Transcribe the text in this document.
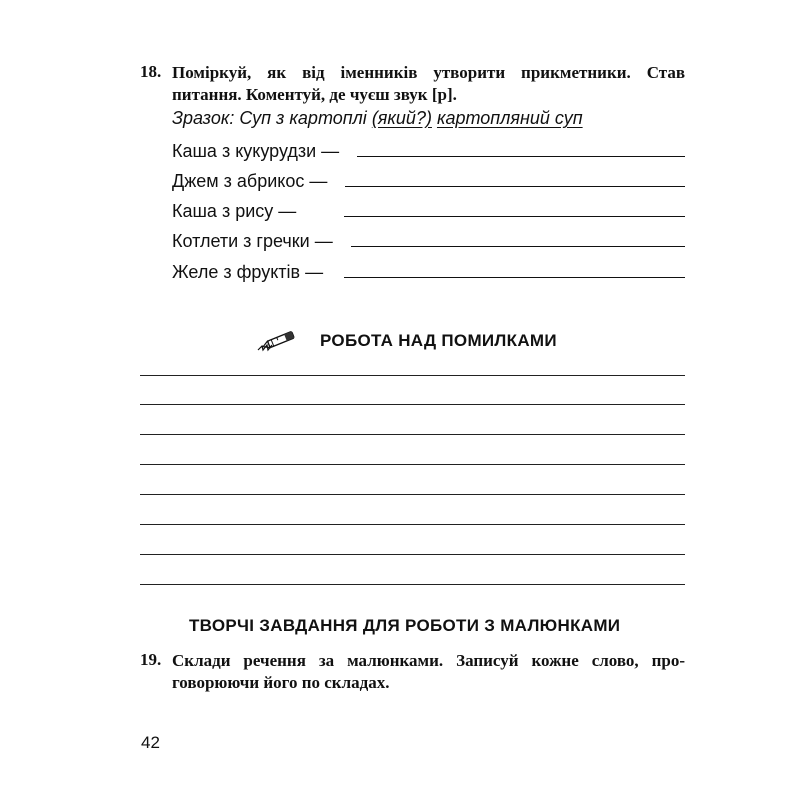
18. Поміркуй, як від іменників утворити прикметники. Став
питання. Коментуй, де чуєш звук [р].
Зразок: Суп з картоплі (який?) картопляний суп
Каша з кукурудзи —
Джем з абрикос —
Каша з рису —
Котлети з гречки —
Желе з фруктів —
РОБОТА НАД ПОМИЛКАМИ
ТВОРЧІ ЗАВДАННЯ ДЛЯ РОБОТИ З МАЛЮНКАМИ
19. Склади речення за малюнками. Записуй кожне слово, про-
говорюючи його по складах.
42
